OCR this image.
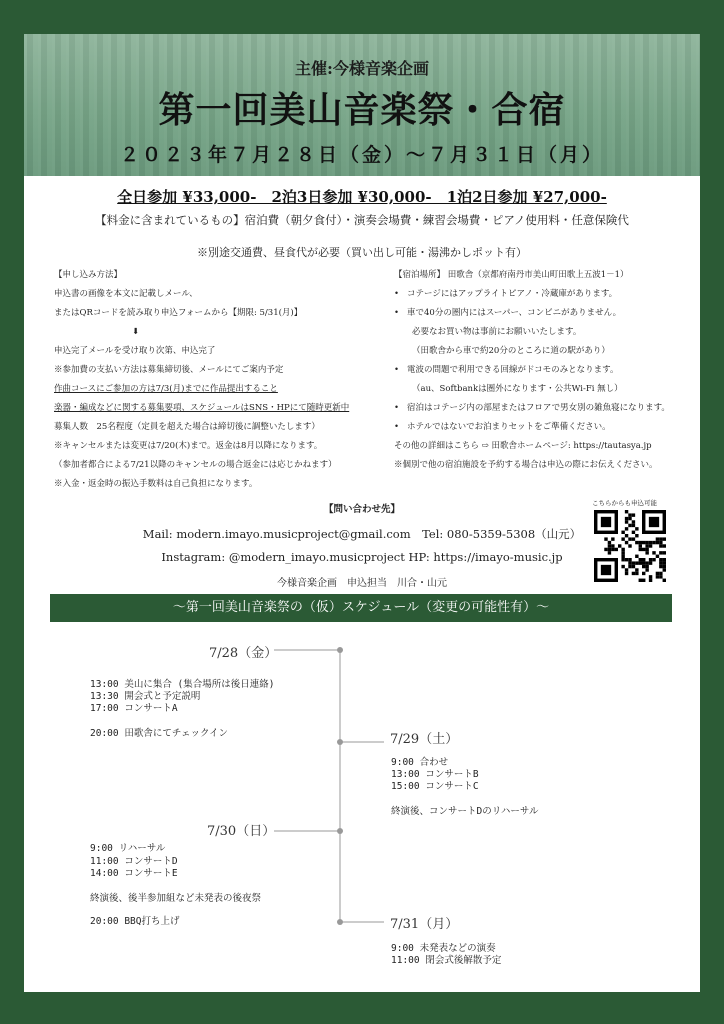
主催:今様音楽企画
第一回美山音楽祭・合宿
２０２３年７月２８日（金）〜７月３１日（月）
全日参加 ¥33,000-　2泊3日参加 ¥30,000-　1泊2日参加 ¥27,000-
【料金に含まれているもの】宿泊費（朝夕食付）・演奏会場費・練習会場費・ピアノ使用料・任意保険代
※別途交通費、昼食代が必要（買い出し可能・湯沸かしポット有）
【申し込み方法】
申込書の画像を本文に記載しメール、
またはQRコードを読み取り申込フォームから【期限: 5/31(月)】
⬇
申込完了メールを受け取り次第、申込完了
※参加費の支払い方法は募集締切後、メールにてご案内予定
作曲コースにご参加の方は7/3(月)までに作品提出すること
楽器・編成などに関する募集要項、スケジュールはSNS・HPにて随時更新中
募集人数　25名程度（定員を超えた場合は締切後に調整いたします）
※キャンセルまたは変更は7/20(木)まで。返金は8月以降になります。
（参加者都合による7/21以降のキャンセルの場合返金には応じかねます）
※入金・返金時の振込手数料は自己負担になります。
【宿泊場所】 田歌舎（京都府南丹市美山町田歌上五波1－1）
• コテージにはアップライトピアノ・冷蔵庫があります。
• 車で40分の圏内にはスーパー、コンビニがありません。
必要なお買い物は事前にお願いいたします。
（田歌舎から車で約20分のところに道の駅があり）
• 電波の問題で利用できる回線がドコモのみとなります。
（au、Softbankは圏外になります・公共Wi-Fi 無し）
• 宿泊はコテージ内の部屋またはフロアで男女別の雑魚寝になります。
• ホテルではないでお泊まりセットをご準備ください。
その他の詳細はこちら ⇨ 田歌舎ホームページ: https://tautasya.jp
※個別で他の宿泊施設を予約する場合は申込の際にお伝えください。
【問い合わせ先】
Mail: modern.imayo.musicproject@gmail.com　Tel: 080-5359-5308（山元）
Instagram: @modern_imayo.musicproject HP: https://imayo-music.jp
今様音楽企画　申込担当　川合・山元
こちらからも申込可能
〜第一回美山音楽祭の（仮）スケジュール（変更の可能性有）〜
7/28（金）
7/29（土）
7/30（日）
7/31（月）
13:00 美山に集合 (集合場所は後日連絡)
13:30 開会式と予定説明
17:00 コンサートA
20:00 田歌舎にてチェックイン
9:00 合わせ
13:00 コンサートB
15:00 コンサートC
終演後、コンサートDのリハーサル
9:00 リハーサル
11:00 コンサートD
14:00 コンサートE
終演後、後半参加組など未発表の後夜祭
20:00 BBQ打ち上げ
9:00 未発表などの演奏
11:00 閉会式後解散予定
